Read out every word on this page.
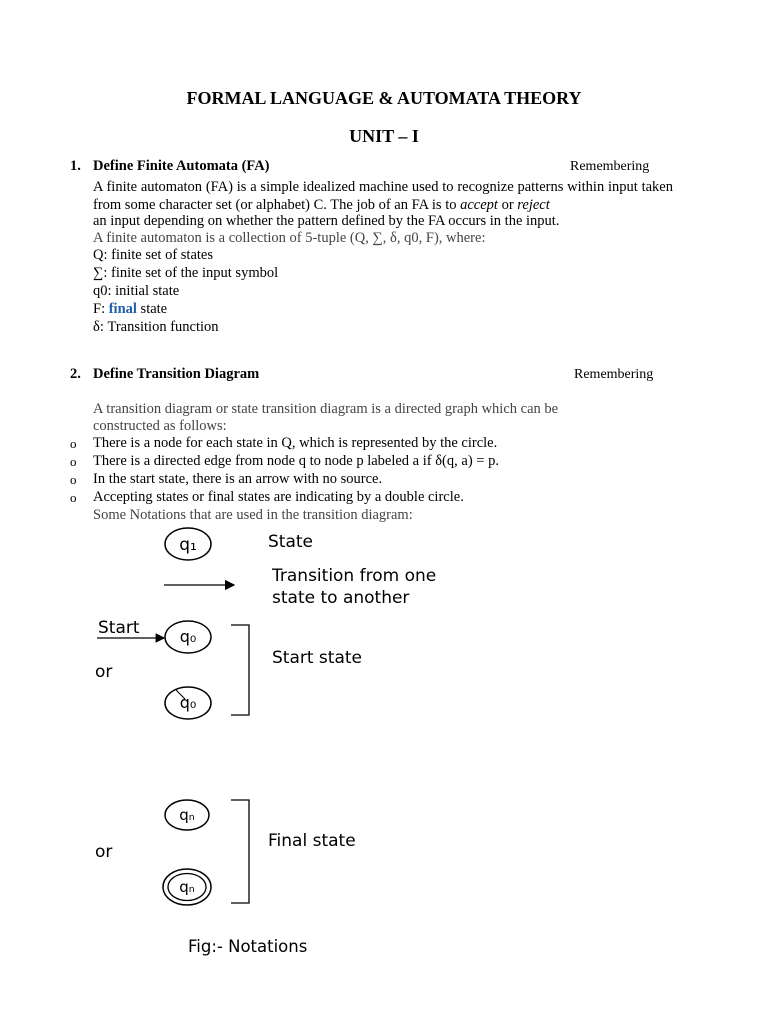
FORMAL LANGUAGE & AUTOMATA THEORY
UNIT – I
1. Define Finite Automata (FA)	Remembering
A finite automaton (FA) is a simple idealized machine used to recognize patterns within input taken from some character set (or alphabet) C. The job of an FA is to accept or reject
an input depending on whether the pattern defined by the FA occurs in the input.
A finite automaton is a collection of 5-tuple (Q, ∑, δ, q0, F), where:
Q: finite set of states
∑: finite set of the input symbol
q0: initial state
F: final state
δ: Transition function
2. Define Transition Diagram	Remembering
A transition diagram or state transition diagram is a directed graph which can be
constructed as follows:
o There is a node for each state in Q, which is represented by the circle.
o There is a directed edge from node q to node p labeled a if δ(q, a) = p.
o In the start state, there is an arrow with no source.
o Accepting states or final states are indicating by a double circle.
Some Notations that are used in the transition diagram:
q₁	State
Transition from one
state to another
Start	q₀
or
q₀
Start state
qₙ
or
qₙ
Final state
Fig:- Notations
